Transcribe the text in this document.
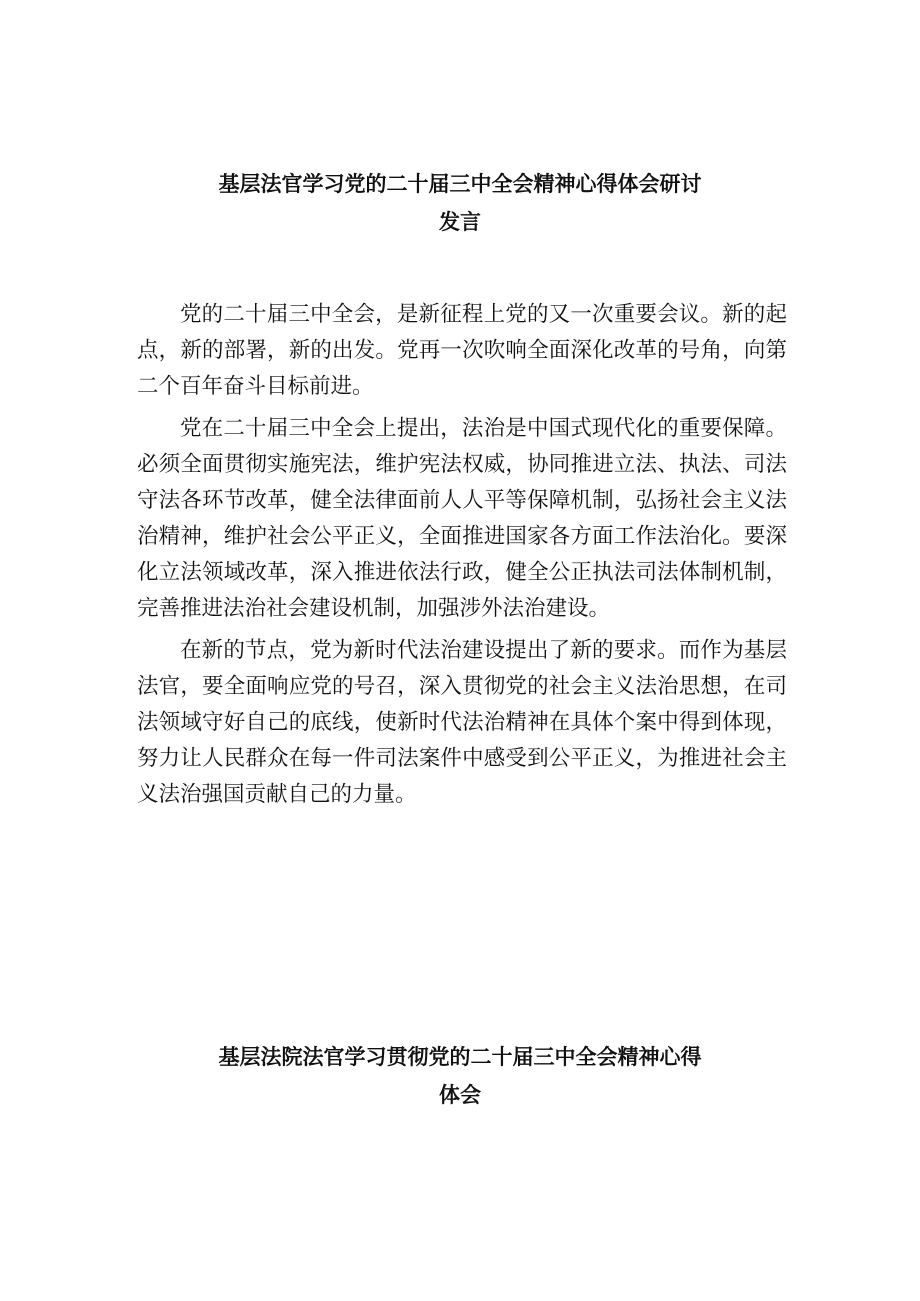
基层法官学习党的二十届三中全会精神心得体会研讨
发言

党的二十届三中全会，是新征程上党的又一次重要会议。新的起点，新的部署，新的出发。党再一次吹响全面深化改革的号角，向第二个百年奋斗目标前进。

党在二十届三中全会上提出，法治是中国式现代化的重要保障。必须全面贯彻实施宪法，维护宪法权威，协同推进立法、执法、司法守法各环节改革，健全法律面前人人平等保障机制，弘扬社会主义法治精神，维护社会公平正义，全面推进国家各方面工作法治化。要深化立法领域改革，深入推进依法行政，健全公正执法司法体制机制，完善推进法治社会建设机制，加强涉外法治建设。

在新的节点，党为新时代法治建设提出了新的要求。而作为基层法官，要全面响应党的号召，深入贯彻党的社会主义法治思想，在司法领域守好自己的底线，使新时代法治精神在具体个案中得到体现，努力让人民群众在每一件司法案件中感受到公平正义，为推进社会主义法治强国贡献自己的力量。

基层法院法官学习贯彻党的二十届三中全会精神心得
体会
